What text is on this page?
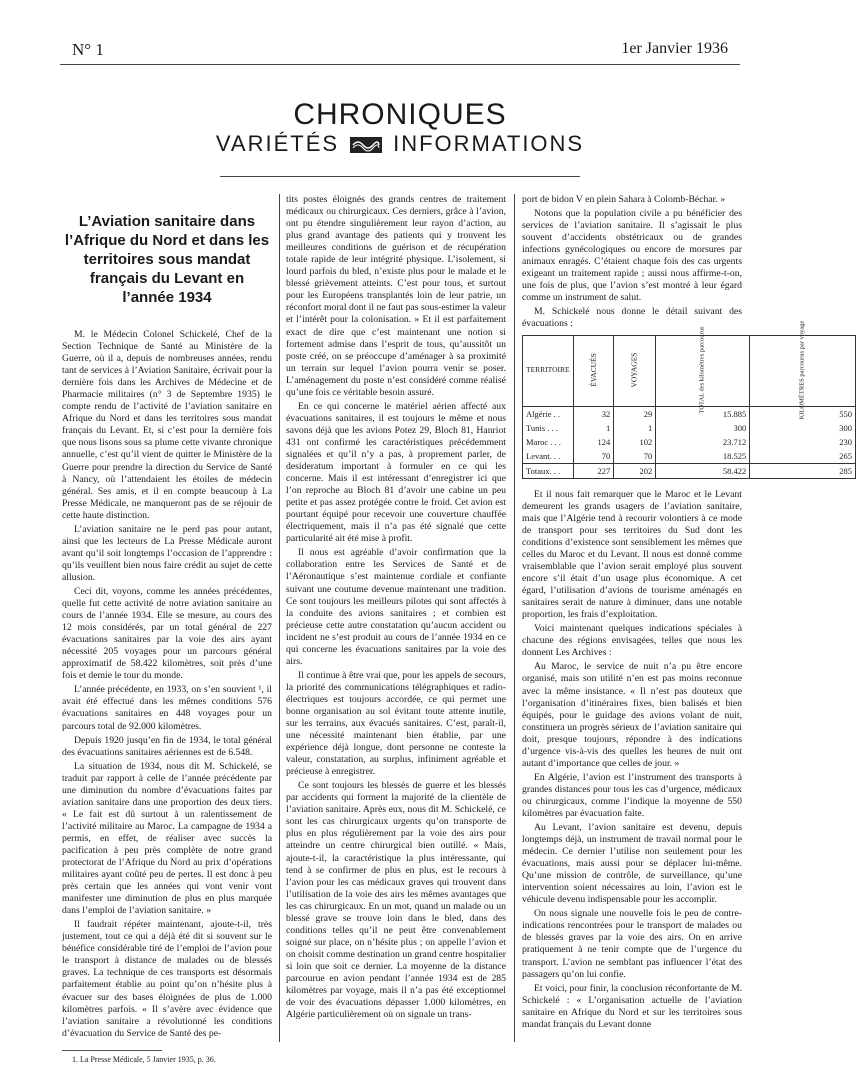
N° 1	1er Janvier 1936
CHRONIQUES
VARIÉTÉS INFORMATIONS
L’Aviation sanitaire dans l’Afrique du Nord et dans les territoires sous mandat français du Levant en l’année 1934

M. le Médecin Colonel Schickelé, Chef de la Section Technique de Santé au Ministère de la Guerre, où il a, depuis de nombreuses années, rendu tant de services à l’Aviation Sanitaire, écrivait pour la dernière fois dans les Archives de Médecine et de Pharmacie militaires (n° 3 de Septembre 1935) le compte rendu de l’activité de l’aviation sanitaire en Afrique du Nord et dans les territoires sous mandat français du Levant. Et, si c’est pour la dernière fois que nous lisons sous sa plume cette vivante chronique annuelle, c’est qu’il vient de quitter le Ministère de la Guerre pour prendre la direction du Service de Santé à Nancy, où l’attendaient les étoiles de médecin général. Ses amis, et il en compte beaucoup à La Presse Médicale, ne manqueront pas de se réjouir de cette haute distinction.

L’aviation sanitaire ne le perd pas pour autant, ainsi que les lecteurs de La Presse Médicale auront avant qu’il soit longtemps l’occasion de l’apprendre : qu’ils veuillent bien nous faire crédit au sujet de cette allusion.

Ceci dit, voyons, comme les années précédentes, quelle fut cette activité de notre aviation sanitaire au cours de l’année 1934. Elle se mesure, au cours des 12 mois considérés, par un total général de 227 évacuations sanitaires par la voie des airs ayant nécessité 205 voyages pour un parcours général approximatif de 58.422 kilomètres, soit près d’une fois et demie le tour du monde.

L’année précédente, en 1933, on s’en souvient ¹, il avait été effectué dans les mêmes conditions 576 évacuations sanitaires en 448 voyages pour un parcours total de 92.000 kilomètres.

Depuis 1920 jusqu’en fin de 1934, le total général des évacuations sanitaires aériennes est de 6.548.

La situation de 1934, nous dit M. Schickelé, se traduit par rapport à celle de l’année précédente par une diminution du nombre d’évacuations faites par aviation sanitaire dans une proportion des deux tiers. « Le fait est dû surtout à un ralentissement de l’activité militaire au Maroc. La campagne de 1934 a permis, en effet, de réaliser avec succès la pacification à peu près complète de notre grand protectorat de l’Afrique du Nord au prix d’opérations militaires ayant coûté peu de pertes. Il est donc à peu près certain que les années qui vont venir vont manifester une diminution de plus en plus marquée dans l’emploi de l’aviation sanitaire. »

Il faudrait répéter maintenant, ajoute-t-il, très justement, tout ce qui a déjà été dit si souvent sur le bénéfice considérable tiré de l’emploi de l’avion pour le transport à distance de malades ou de blessés graves. La technique de ces transports est désormais parfaitement établie au point qu’on n’hésite plus à évacuer sur des bases éloignées de plus de 1.000 kilomètres parfois. « Il s’avère avec évidence que l’aviation sanitaire a révolutionné les conditions d’évacuation du Service de Santé des pe-

1. La Presse Médicale, 5 Janvier 1935, p. 36.

tits postes éloignés des grands centres de traitement médicaux ou chirurgicaux. Ces derniers, grâce à l’avion, ont pu étendre singulièrement leur rayon d’action, au plus grand avantage des patients qui y trouvent les meilleures conditions de guérison et de récupération totale rapide de leur intégrité physique. L’isolement, si lourd parfois du bled, n’existe plus pour le malade et le blessé grièvement atteints. C’est pour tous, et surtout pour les Européens transplantés loin de leur patrie, un réconfort moral dont il ne faut pas sous-estimer la valeur et l’intérêt pour la colonisation. » Et il est parfaitement exact de dire que c’est maintenant une notion si fortement admise dans l’esprit de tous, qu’aussitôt un poste créé, on se préoccupe d’aménager à sa proximité un terrain sur lequel l’avion pourra venir se poser. L’aménagement du poste n’est considéré comme réalisé qu’une fois ce véritable besoin assuré.

En ce qui concerne le matériel aérien affecté aux évacuations sanitaires, il est toujours le même et nous savons déjà que les avions Potez 29, Bloch 81, Hanriot 431 ont confirmé les caractéristiques précédemment signalées et qu’il n’y a pas, à proprement parler, de desideratum important à formuler en ce qui les concerne. Mais il est intéressant d’enregistrer ici que l’on reproche au Bloch 81 d’avoir une cabine un peu petite et pas assez protégée contre le froid. Cet avion est pourtant équipé pour recevoir une couverture chauffée électriquement, mais il n’a pas été signalé que cette particularité ait été mise à profit.

Il nous est agréable d’avoir confirmation que la collaboration entre les Services de Santé et de l’Aéronautique s’est maintenue cordiale et confiante suivant une coutume devenue maintenant une tradition. Ce sont toujours les meilleurs pilotes qui sont affectés à la conduite des avions sanitaires ; et combien est précieuse cette autre constatation qu’aucun accident ou incident ne s’est produit au cours de l’année 1934 en ce qui concerne les évacuations sanitaires par la voie des airs.

Il continue à être vrai que, pour les appels de secours, la priorité des communications télégraphiques et radio-électriques est toujours accordée, ce qui permet une bonne organisation au sol évitant toute attente inutile, sur les terrains, aux évacués sanitaires. C’est, paraît-il, une nécessité maintenant bien établie, par une expérience déjà longue, dont personne ne conteste la valeur, constatation, au surplus, infiniment agréable et précieuse à enregistrer.

Ce sont toujours les blessés de guerre et les blessés par accidents qui forment la majorité de la clientèle de l’aviation sanitaire. Après eux, nous dit M. Schickelé, ce sont les cas chirurgicaux urgents qu’on transporte de plus en plus régulièrement par la voie des airs pour atteindre un centre chirurgical bien outillé. « Mais, ajoute-t-il, la caractéristique la plus intéressante, qui tend à se confirmer de plus en plus, est le recours à l’avion pour les cas médicaux graves qui trouvent dans l’utilisation de la voie des airs les mêmes avantages que les cas chirurgicaux. En un mot, quand un malade ou un blessé grave se trouve loin dans le bled, dans des conditions telles qu’il ne peut être convenablement soigné sur place, on n’hésite plus ; on appelle l’avion et on choisit comme destination un grand centre hospitalier si loin que soit ce dernier. La moyenne de la distance parcourue en avion pendant l’année 1934 est de 285 kilomètres par voyage, mais il n’a pas été exceptionnel de voir des évacuations dépasser 1.000 kilomètres, en Algérie particulièrement où on signale un trans-

port de bidon V en plein Sahara à Colomb-Béchar. »

Notons que la population civile a pu bénéficier des services de l’aviation sanitaire. Il s’agissait le plus souvent d’accidents obstétricaux ou de grandes infections gynécologiques ou encore de morsures par animaux enragés. C’étaient chaque fois des cas urgents exigeant un traitement rapide ; aussi nous affirme-t-on, une fois de plus, que l’avion s’est montré à leur égard comme un instrument de salut.

M. Schickelé nous donne le détail suivant des évacuations :

TERRITOIRE	ÉVACUÉS	VOYAGES	TOTAL des kilomètres parcourus	KILOMÈTRES parcourus par voyage
Algérie . .	32	29	15.885	550
Tunis . . .	1	1	300	300
Maroc . . .	124	102	23.712	230
Levant. . .	70	70	18.525	265
Totaux. . .	227	202	58.422	285

Et il nous fait remarquer que le Maroc et le Levant demeurent les grands usagers de l’aviation sanitaire, mais que l’Algérie tend à recourir volontiers à ce mode de transport pour ses territoires du Sud dont les conditions d’existence sont sensiblement les mêmes que celles du Maroc et du Levant. Il nous est donné comme vraisemblable que l’avion serait employé plus souvent encore s’il était d’un usage plus économique. A cet égard, l’utilisation d’avions de tourisme aménagés en sanitaires serait de nature à diminuer, dans une notable proportion, les frais d’exploitation.

Voici maintenant quelques indications spéciales à chacune des régions envisagées, telles que nous les donnent Les Archives :

Au Maroc, le service de nuit n’a pu être encore organisé, mais son utilité n’en est pas moins reconnue avec la même insistance. « Il n’est pas douteux que l’organisation d’itinéraires fixes, bien balisés et bien équipés, pour le guidage des avions volant de nuit, constituera un progrès sérieux de l’aviation sanitaire qui doit, presque toujours, répondre à des indications d’urgence vis-à-vis des quelles les heures de nuit ont autant d’importance que celles de jour. »

En Algérie, l’avion est l’instrument des transports à grandes distances pour tous les cas d’urgence, médicaux ou chirurgicaux, comme l’indique la moyenne de 550 kilomètres par évacuation faite.

Au Levant, l’avion sanitaire est devenu, depuis longtemps déjà, un instrument de travail normal pour le médecin. Ce dernier l’utilise non seulement pour les évacuations, mais aussi pour se déplacer lui-même. Qu’une mission de contrôle, de surveillance, qu’une intervention soient nécessaires au loin, l’avion est le véhicule devenu indispensable pour les accomplir.

On nous signale une nouvelle fois le peu de contre-indications rencontrées pour le transport de malades ou de blessés graves par la voie des airs. On en arrive pratiquement à ne tenir compte que de l’urgence du transport. L’avion ne semblant pas influencer l’état des passagers qu’on lui confie.

Et voici, pour finir, la conclusion réconfortante de M. Schickelé : « L’organisation actuelle de l’aviation sanitaire en Afrique du Nord et sur les territoires sous mandat français du Levant donne
